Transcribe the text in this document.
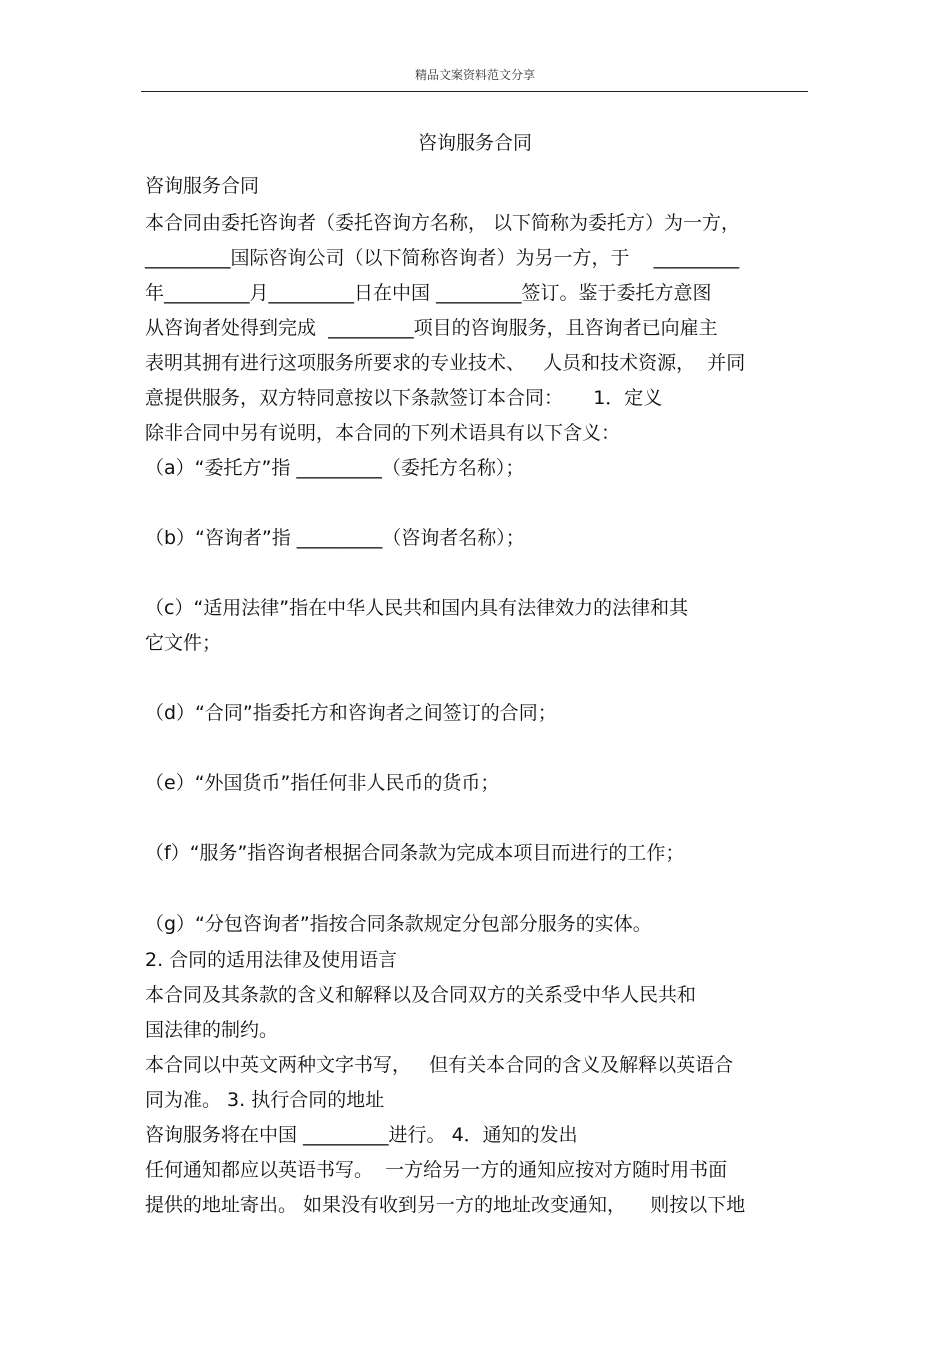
精品文案资料范文分享
咨询服务合同
咨询服务合同
本合同由委托咨询者（委托咨询方名称， 以下简称为委托方）为一方，
_________国际咨询公司（以下简称咨询者）为另一方，于    _________
年_________月_________日在中国 _________签订。鉴于委托方意图
从咨询者处得到完成  _________项目的咨询服务，且咨询者已向雇主
表明其拥有进行这项服务所要求的专业技术、   人员和技术资源，  并同
意提供服务，双方特同意按以下条款签订本合同：     1．定义
除非合同中另有说明，本合同的下列术语具有以下含义：
（a）“委托方”指 _________（委托方名称）；
（b）“咨询者”指 _________（咨询者名称）；
（c）“适用法律”指在中华人民共和国内具有法律效力的法律和其
它文件；
（d）“合同”指委托方和咨询者之间签订的合同；
（e）“外国货币”指任何非人民币的货币；
（f）“服务”指咨询者根据合同条款为完成本项目而进行的工作；
（g）“分包咨询者”指按合同条款规定分包部分服务的实体。
2. 合同的适用法律及使用语言
本合同及其条款的含义和解释以及合同双方的关系受中华人民共和
国法律的制约。
本合同以中英文两种文字书写，   但有关本合同的含义及解释以英语合
同为准。 3. 执行合同的地址
咨询服务将在中国 _________进行。 4．通知的发出
任何通知都应以英语书写。  一方给另一方的通知应按对方随时用书面
提供的地址寄出。 如果没有收到另一方的地址改变通知，    则按以下地
